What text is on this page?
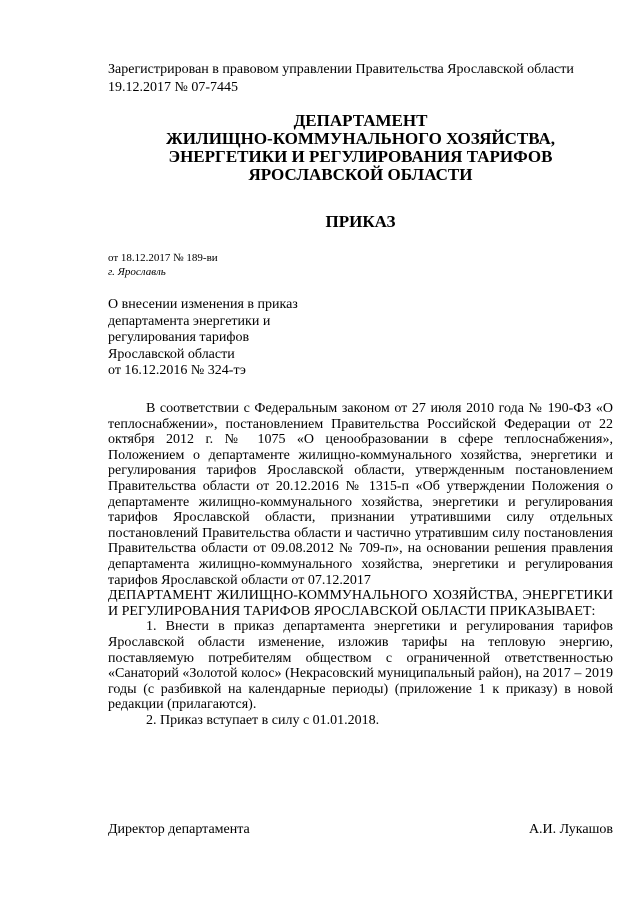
Зарегистрирован в правовом управлении Правительства Ярославской области
19.12.2017 № 07-7445
ДЕПАРТАМЕНТ
ЖИЛИЩНО-КОММУНАЛЬНОГО ХОЗЯЙСТВА,
ЭНЕРГЕТИКИ И РЕГУЛИРОВАНИЯ ТАРИФОВ
ЯРОСЛАВСКОЙ ОБЛАСТИ
ПРИКАЗ
от 18.12.2017 № 189-ви
г. Ярославль
О внесении изменения в приказ
департамента энергетики и
регулирования тарифов
Ярославской области
от 16.12.2016 № 324-тэ

В соответствии с Федеральным законом от 27 июля 2010 года № 190-ФЗ «О теплоснабжении», постановлением Правительства Российской Федерации от 22 октября 2012 г. № 1075 «О ценообразовании в сфере теплоснабжения», Положением о департаменте жилищно-коммунального хозяйства, энергетики и регулирования тарифов Ярославской области, утвержденным постановлением Правительства области от 20.12.2016 № 1315-п «Об утверждении Положения о департаменте жилищно-коммунального хозяйства, энергетики и регулирования тарифов Ярославской области, признании утратившими силу отдельных постановлений Правительства области и частично утратившим силу постановления Правительства области от 09.08.2012 № 709-п», на основании решения правления департамента жилищно-коммунального хозяйства, энергетики и регулирования тарифов Ярославской области от 07.12.2017

ДЕПАРТАМЕНТ ЖИЛИЩНО-КОММУНАЛЬНОГО ХОЗЯЙСТВА, ЭНЕРГЕТИКИ И РЕГУЛИРОВАНИЯ ТАРИФОВ ЯРОСЛАВСКОЙ ОБЛАСТИ ПРИКАЗЫВАЕТ:

1. Внести в приказ департамента энергетики и регулирования тарифов Ярославской области изменение, изложив тарифы на тепловую энергию, поставляемую потребителям обществом с ограниченной ответственностью «Санаторий «Золотой колос» (Некрасовский муниципальный район), на 2017 – 2019 годы (с разбивкой на календарные периоды) (приложение 1 к приказу) в новой редакции (прилагаются).

2. Приказ вступает в силу с 01.01.2018.

Директор департамента	А.И. Лукашов
